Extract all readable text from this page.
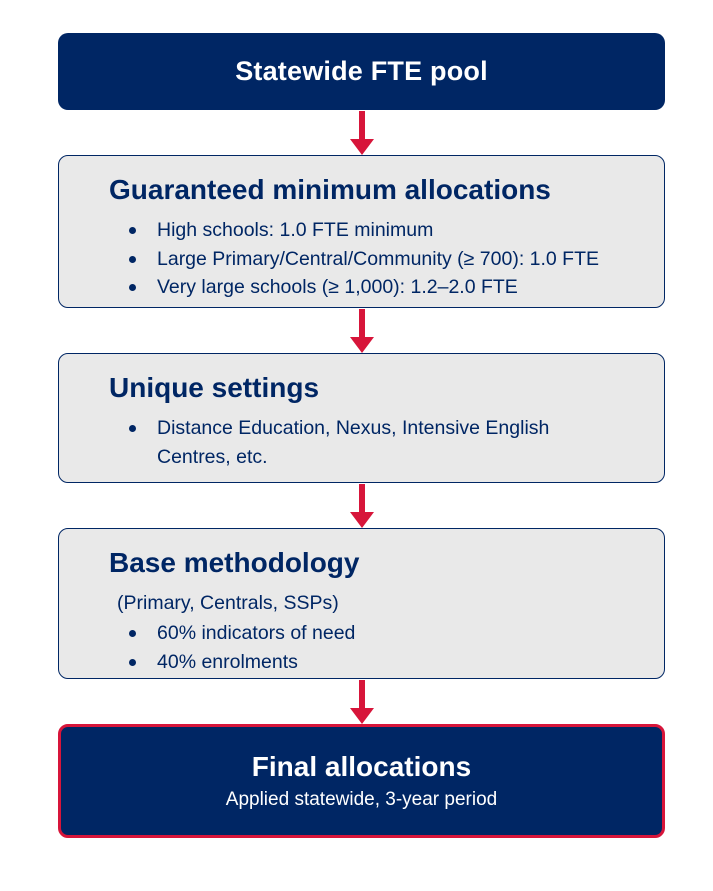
Statewide FTE pool
Guaranteed minimum allocations
High schools: 1.0 FTE minimum
Large Primary/Central/Community (≥ 700): 1.0 FTE
Very large schools (≥ 1,000): 1.2–2.0 FTE
Unique settings
Distance Education, Nexus, Intensive English Centres, etc.
Base methodology
(Primary, Centrals, SSPs)
60% indicators of need
40% enrolments
Final allocations
Applied statewide, 3-year period
